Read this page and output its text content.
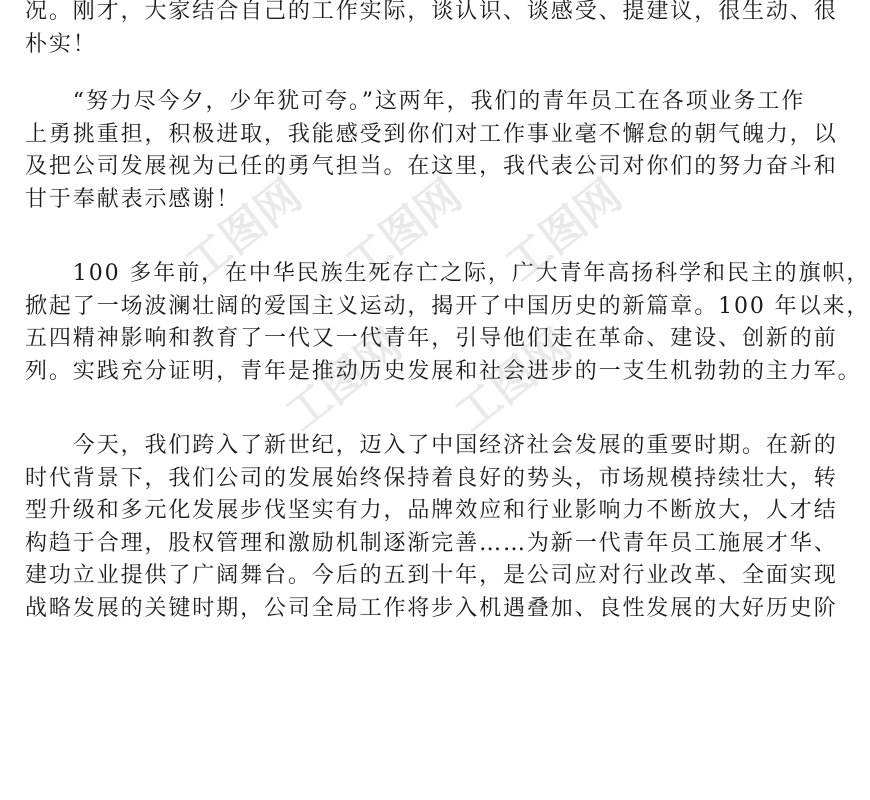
工图网 工图网 工图网
工图网 工图网
况。刚才，大家结合自己的工作实际，谈认识、谈感受、提建议，很生动、很
朴实！
　　“努力尽今夕，少年犹可夸。”这两年，我们的青年员工在各项业务工作
上勇挑重担，积极进取，我能感受到你们对工作事业毫不懈怠的朝气魄力，以
及把公司发展视为己任的勇气担当。在这里，我代表公司对你们的努力奋斗和
甘于奉献表示感谢！
　　100 多年前，在中华民族生死存亡之际，广大青年高扬科学和民主的旗帜，
掀起了一场波澜壮阔的爱国主义运动，揭开了中国历史的新篇章。100 年以来，
五四精神影响和教育了一代又一代青年，引导他们走在革命、建设、创新的前
列。实践充分证明，青年是推动历史发展和社会进步的一支生机勃勃的主力军。
　　今天，我们跨入了新世纪，迈入了中国经济社会发展的重要时期。在新的
时代背景下，我们公司的发展始终保持着良好的势头，市场规模持续壮大，转
型升级和多元化发展步伐坚实有力，品牌效应和行业影响力不断放大，人才结
构趋于合理，股权管理和激励机制逐渐完善……为新一代青年员工施展才华、
建功立业提供了广阔舞台。今后的五到十年，是公司应对行业改革、全面实现
战略发展的关键时期，公司全局工作将步入机遇叠加、良性发展的大好历史阶
